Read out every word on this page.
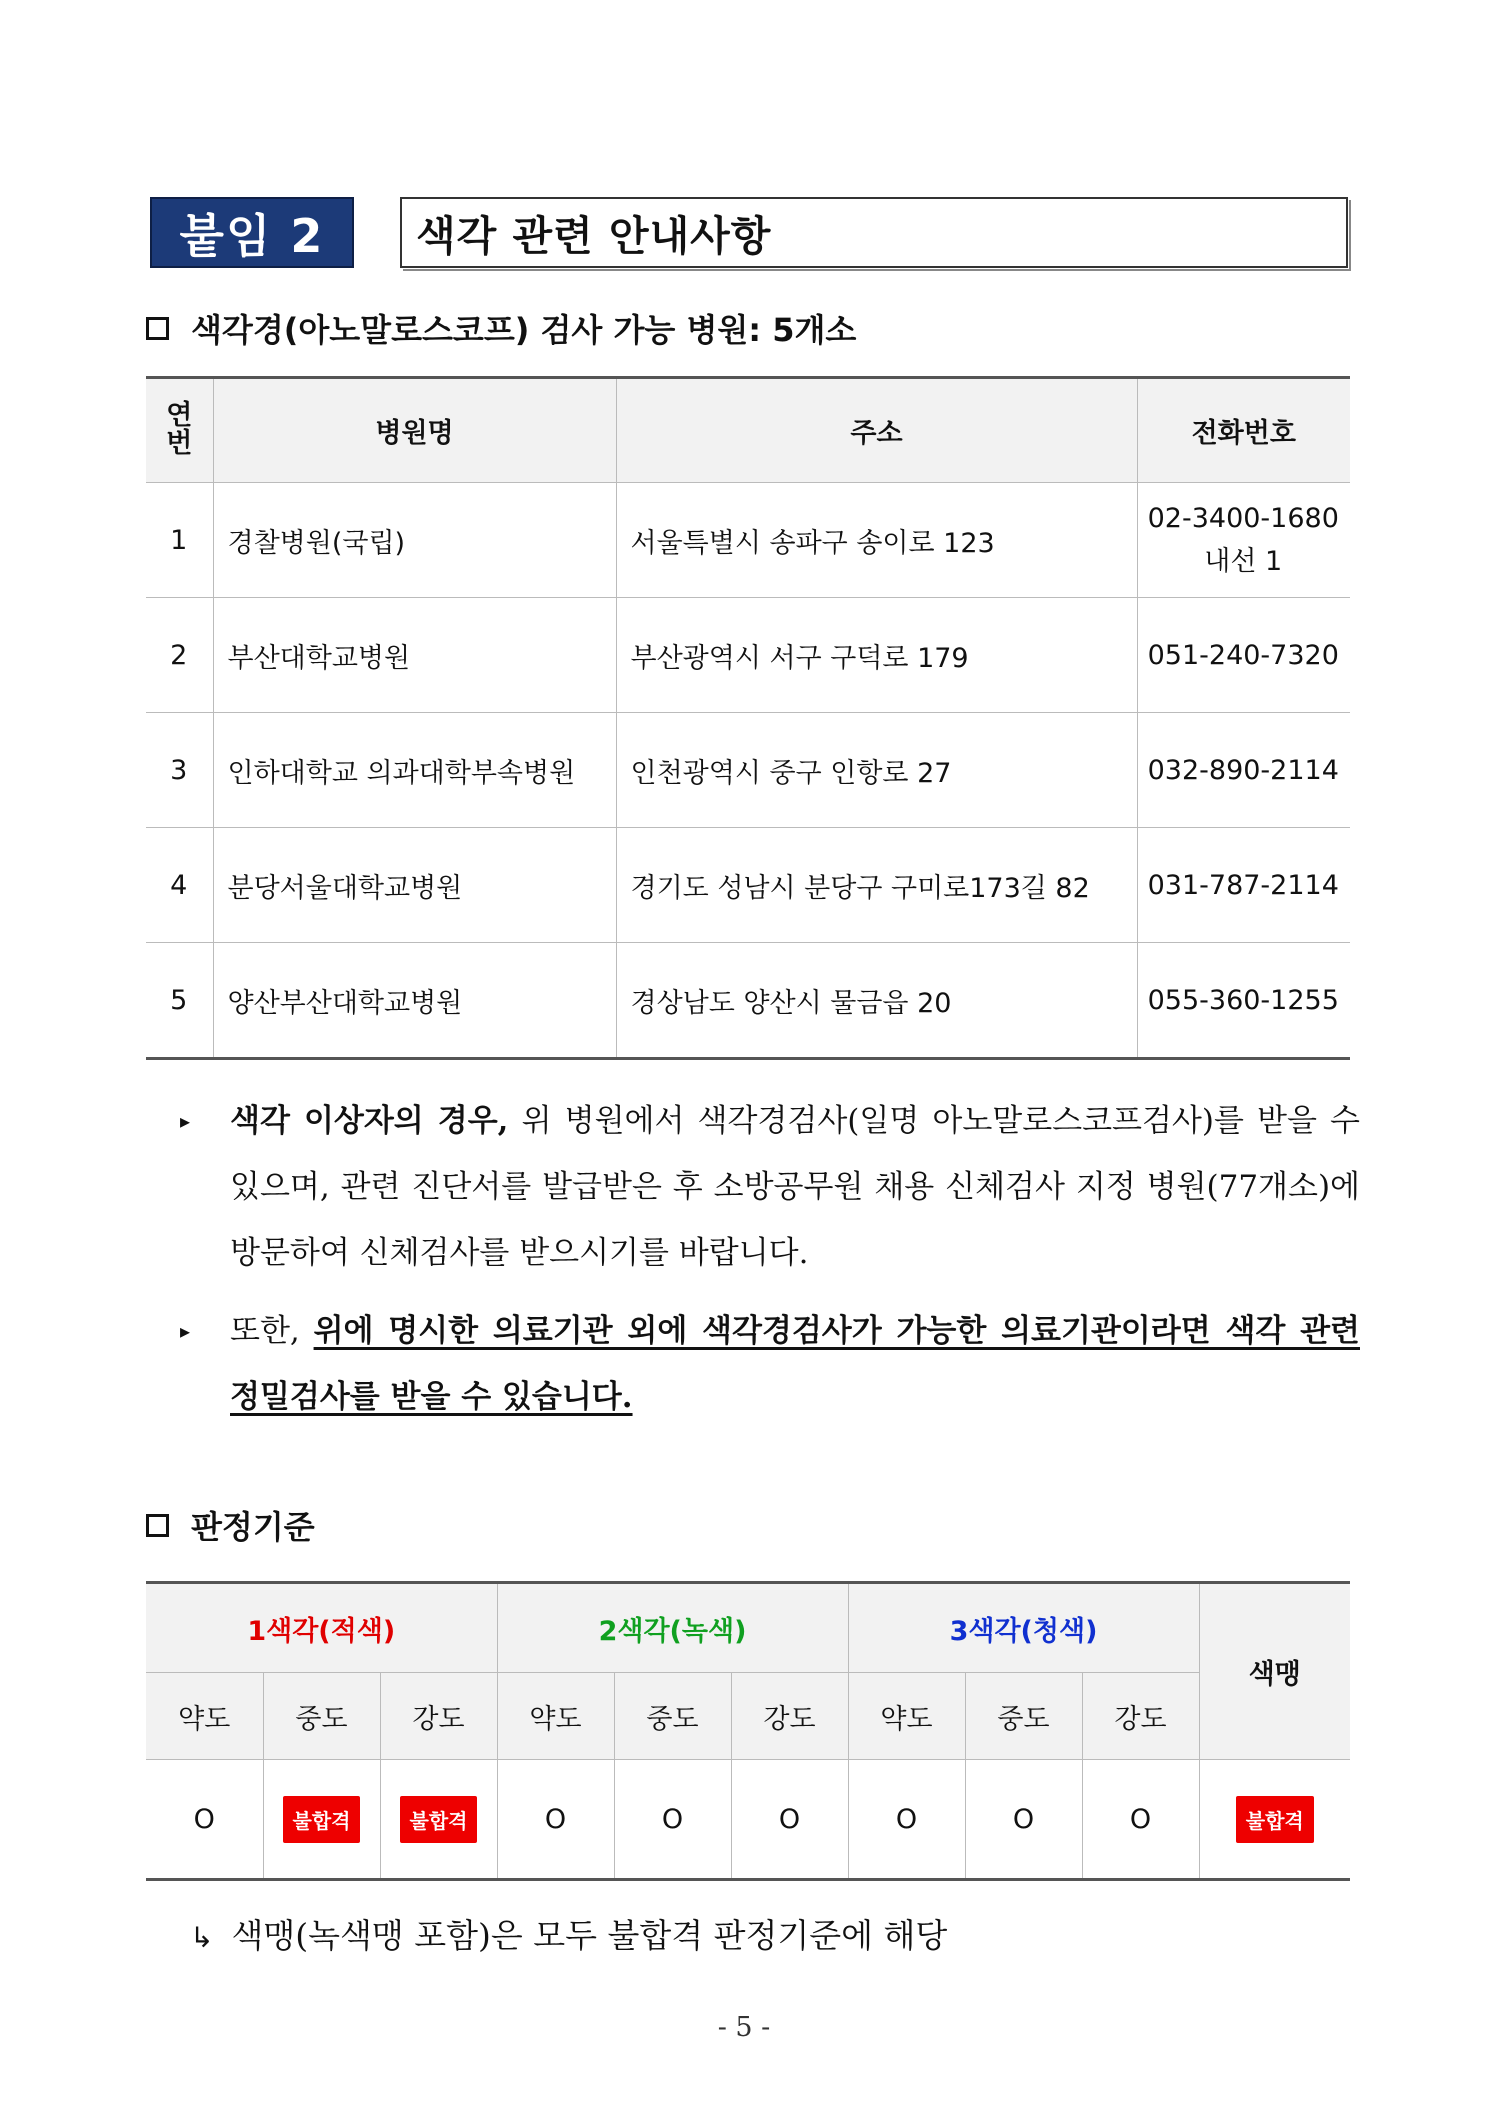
붙임 2	색각 관련 안내사항
색각경(아노말로스코프) 검사 가능 병원: 5개소
연번	병원명	주소	전화번호
1	경찰병원(국립)	서울특별시 송파구 송이로 123	02-3400-1680
내선 1
2	부산대학교병원	부산광역시 서구 구덕로 179	051-240-7320
3	인하대학교 의과대학부속병원	인천광역시 중구 인항로 27	032-890-2114
4	분당서울대학교병원	경기도 성남시 분당구 구미로173길 82	031-787-2114
5	양산부산대학교병원	경상남도 양산시 물금읍 20	055-360-1255
▸ 색각 이상자의 경우, 위 병원에서 색각경검사(일명 아노말로스코프검사)를 받을 수 있으며, 관련 진단서를 발급받은 후 소방공무원 채용 신체검사 지정 병원(77개소)에 방문하여 신체검사를 받으시기를 바랍니다.
▸ 또한, 위에 명시한 의료기관 외에 색각경검사가 가능한 의료기관이라면 색각 관련 정밀검사를 받을 수 있습니다.
판정기준
1색각(적색)			2색각(녹색)			3색각(청색)			색맹
약도	중도	강도	약도	중도	강도	약도	중도	강도	
O	불합격	불합격	O	O	O	O	O	O	불합격
↳ 색맹(녹색맹 포함)은 모두 불합격 판정기준에 해당
- 5 -
